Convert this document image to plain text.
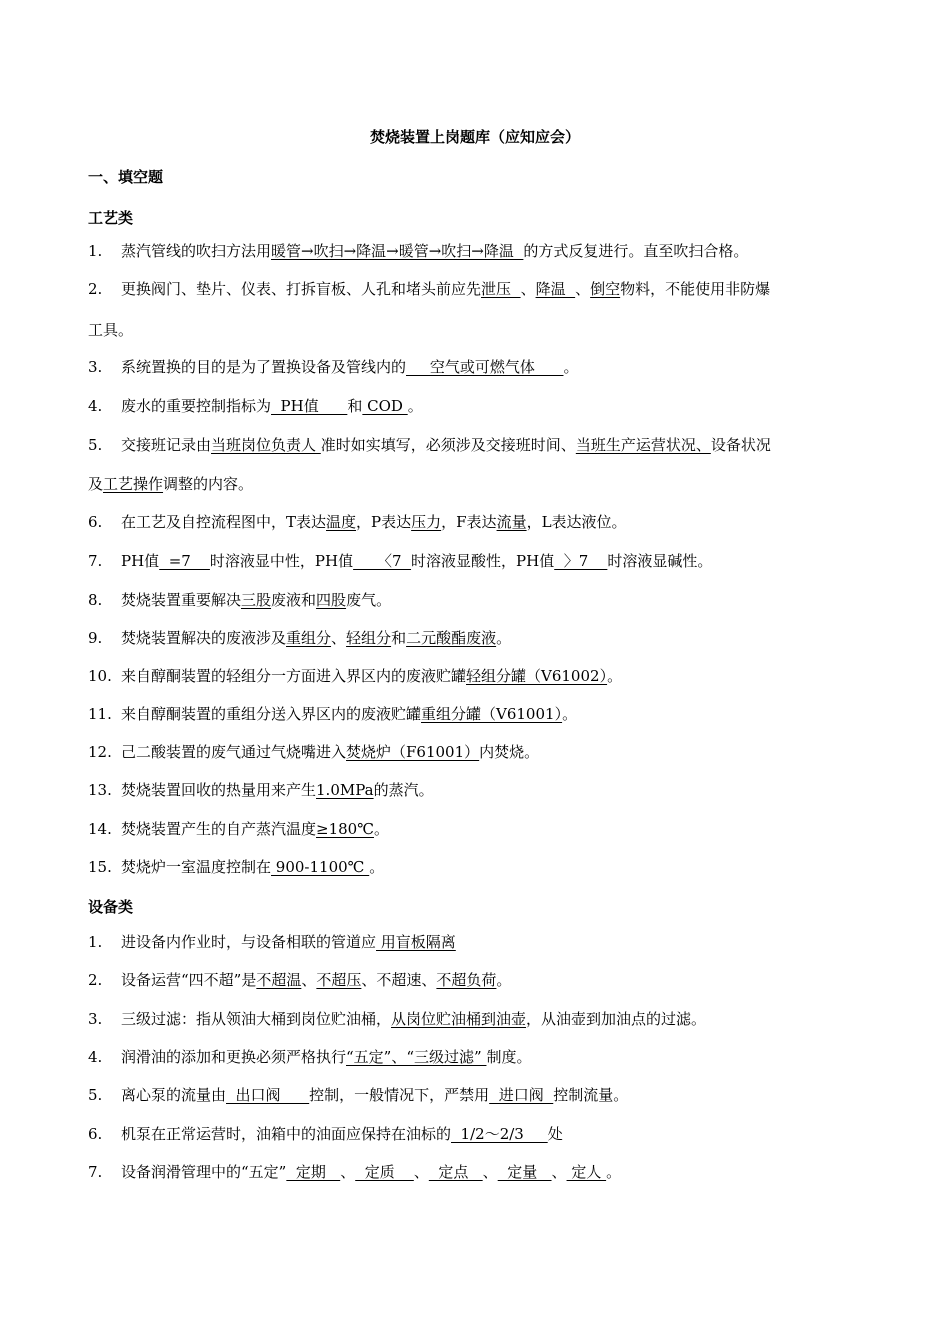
焚烧装置上岗题库（应知应会）
一、填空题
工艺类
1. 蒸汽管线的吹扫方法用暖管→吹扫→降温→暖管→吹扫→降温  的方式反复进行。直至吹扫合格。
2. 更换阀门、垫片、仪表、打拆盲板、人孔和堵头前应先泄压  、降温  、倒空物料，不能使用非防爆
工具。
3. 系统置换的目的是为了置换设备及管线内的     空气或可燃气体      。
4. 废水的重要控制指标为  PH值      和 COD 。
5. 交接班记录由当班岗位负责人 准时如实填写，必须涉及交接班时间、当班生产运营状况、设备状况
及工艺操作调整的内容。
6. 在工艺及自控流程图中，T表达温度，P表达压力，F表达流量，L表达液位。
7. PH值  =7    时溶液显中性，PH值     〈7  时溶液显酸性，PH值  〉7    时溶液显碱性。
8. 焚烧装置重要解决三股废液和四股废气。
9. 焚烧装置解决的废液涉及重组分、轻组分和二元酸酯废液。
10. 来自醇酮装置的轻组分一方面进入界区内的废液贮罐轻组分罐（V61002）。
11. 来自醇酮装置的重组分送入界区内的废液贮罐重组分罐（V61001）。
12. 己二酸装置的废气通过气烧嘴进入焚烧炉（F61001）内焚烧。
13. 焚烧装置回收的热量用来产生1.0MPa的蒸汽。
14. 焚烧装置产生的自产蒸汽温度≥180℃。
15. 焚烧炉一室温度控制在 900-1100℃ 。
设备类
1. 进设备内作业时，与设备相联的管道应 用盲板隔离
2. 设备运营“四不超”是不超温、不超压、不超速、不超负荷。
3. 三级过滤：指从领油大桶到岗位贮油桶，从岗位贮油桶到油壶，从油壶到加油点的过滤。
4. 润滑油的添加和更换必须严格执行“五定”、“三级过滤” 制度。
5. 离心泵的流量由  出口阀      控制，一般情况下，严禁用  进口阀  控制流量。
6. 机泵在正常运营时，油箱中的油面应保持在油标的  1/2～2/3     处
7. 设备润滑管理中的“五定”  定期   、  定质    、  定点   、  定量   、 定人 。
